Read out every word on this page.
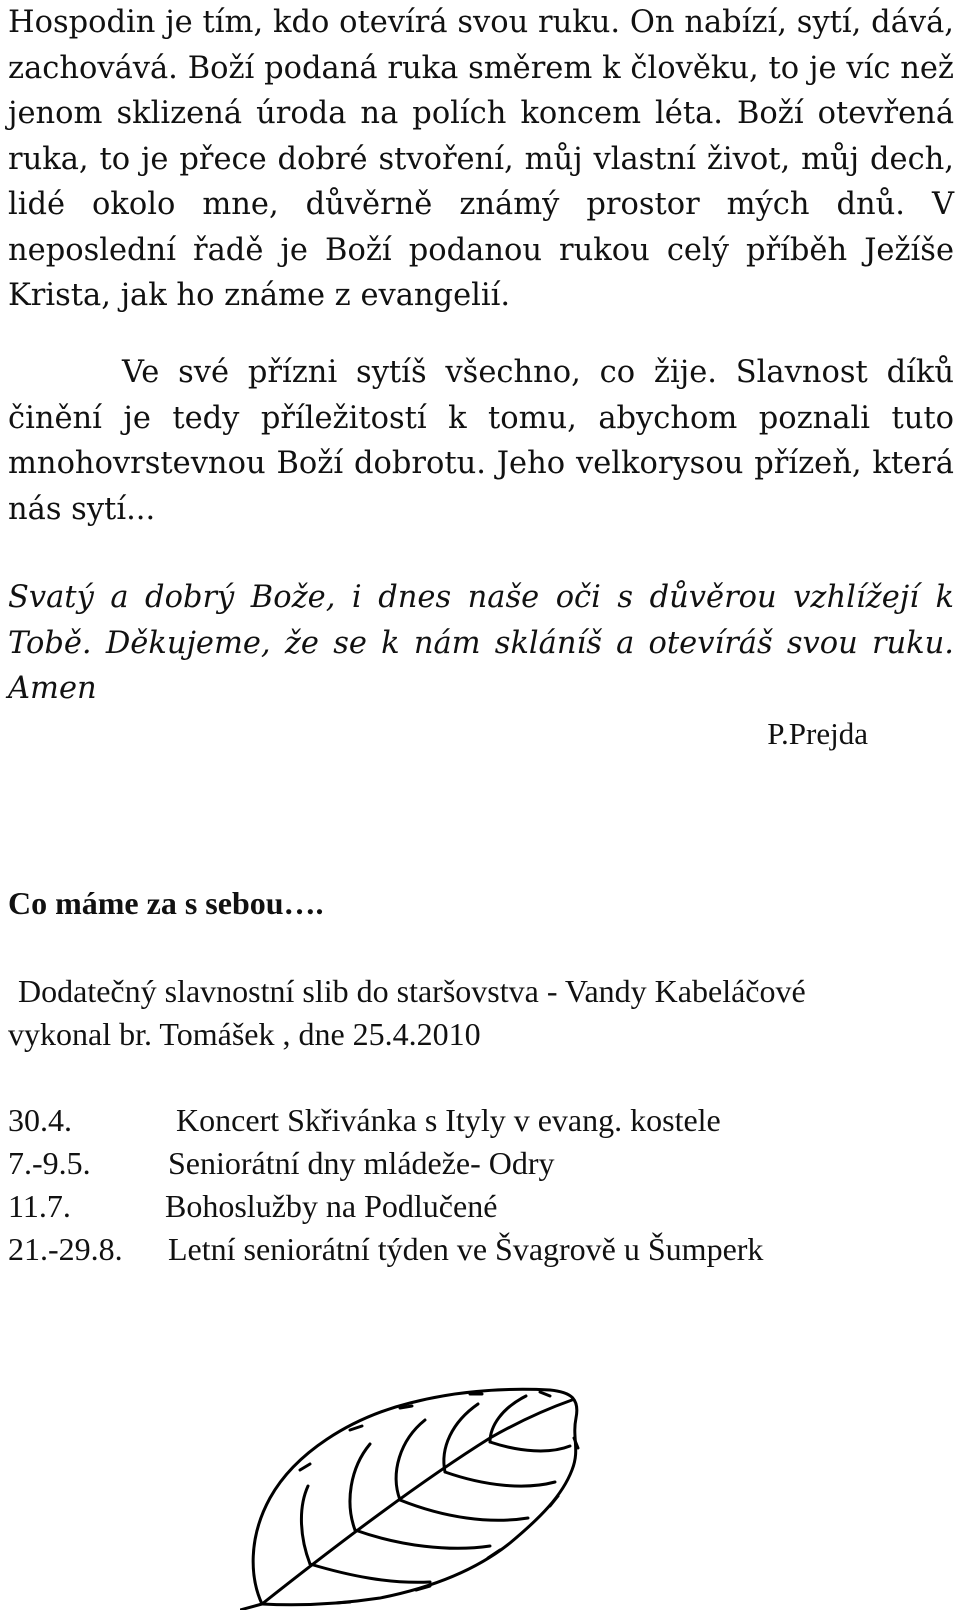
Hospodin je tím, kdo otevírá svou ruku. On nabízí, sytí, dává, zachovává. Boží podaná ruka směrem k člověku, to je víc než jenom sklizená úroda na polích koncem léta. Boží otevřená ruka, to je přece dobré stvoření, můj vlastní život, můj dech, lidé okolo mne, důvěrně známý prostor mých dnů. V neposlední řadě je Boží podanou rukou celý příběh Ježíše Krista, jak ho známe z evangelií.

Ve své přízni sytíš všechno, co žije. Slavnost díků činění je tedy příležitostí k tomu, abychom poznali tuto mnohovrstevnou Boží dobrotu. Jeho velkorysou přízeň, která nás sytí...

Svatý a dobrý Bože, i dnes naše oči s důvěrou vzhlížejí k Tobě. Děkujeme, že se k nám skláníš a otevíráš svou ruku. Amen

P.Prejda
Co máme za s sebou….
Dodatečný slavnostní slib do staršovstva - Vandy Kabeláčové
vykonal br. Tomášek , dne 25.4.2010
30.4.	Koncert Skřivánka s Ityly v evang. kostele
7.-9.5.	Seniorátní dny mládeže- Odry
11.7.	Bohoslužby na Podlučené
21.-29.8.	Letní seniorátní týden ve Švagrově u Šumperk
